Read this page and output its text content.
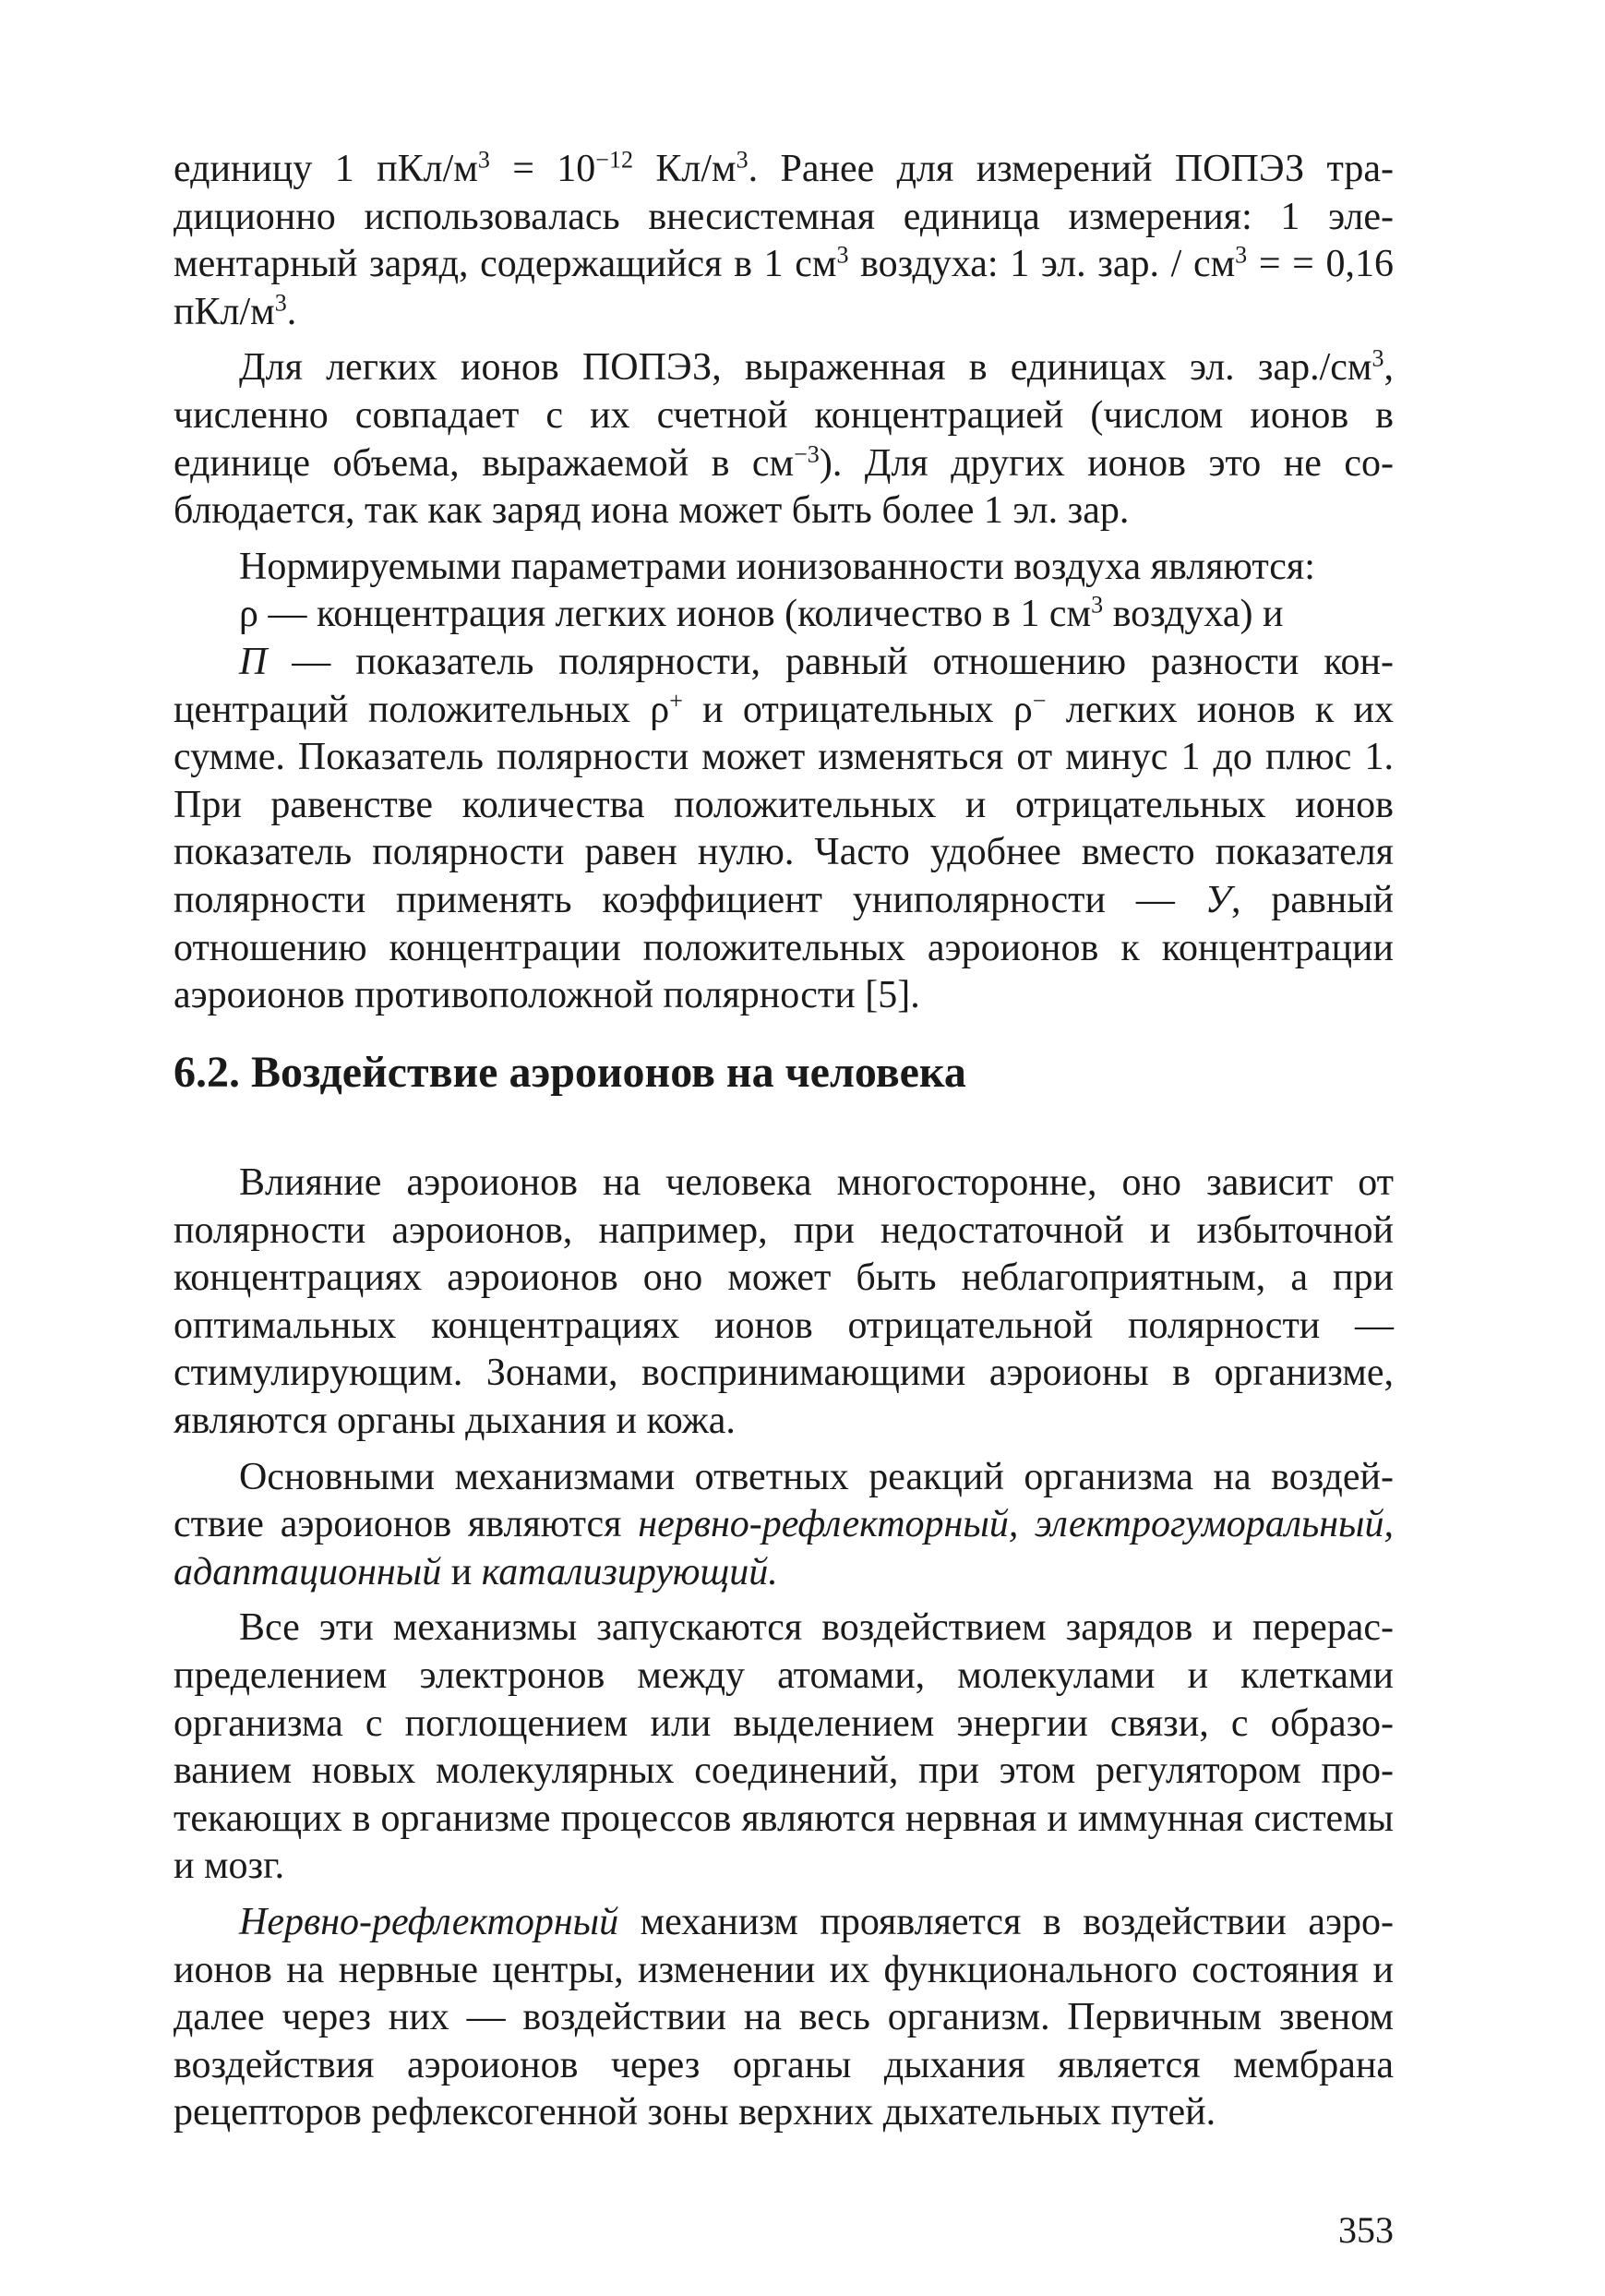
единицу 1 пКл/$м^3 = 10^{-12}$ $Кл/м^3$. Ранее для измерений ПОПЭЗ традиционно использовалась внесистемная единица измерения: 1 элементарный заряд, содержащийся в 1 $см^3$ воздуха: 1 эл. зар. / $см^3$ = = 0,16 пКл/$м^3$.

Для легких ионов ПОПЭЗ, выраженная в единицах эл. $зар./см^3$, численно совпадает с их счетной концентрацией (числом ионов в единице объема, выражаемой в $см^{-3}$). Для других ионов это не соблюдается, так как заряд иона может быть более 1 эл. зар.

Нормируемыми параметрами ионизованности воздуха являются:

ρ — концентрация легких ионов (количество в 1 $см^3$ воздуха) и

П — показатель полярности, равный отношению разности концентраций положительных ρ+ и отрицательных ρ− легких ионов к их сумме. Показатель полярности может изменяться от минус 1 до плюс 1. При равенстве количества положительных и отрицательных ионов показатель полярности равен нулю. Часто удобнее вместо показателя полярности применять коэффициент униполярности — У, равный отношению концентрации положительных аэроионов к концентрации аэроионов противоположной полярности [5].

6.2. Воздействие аэроионов на человека

Влияние аэроионов на человека многосторонне, оно зависит от полярности аэроионов, например, при недостаточной и избыточной концентрациях аэроионов оно может быть неблагоприятным, а при оптимальных концентрациях ионов отрицательной полярности — стимулирующим. Зонами, воспринимающими аэроионы в организме, являются органы дыхания и кожа.

Основными механизмами ответных реакций организма на воздействие аэроионов являются нервно-рефлекторный, электрогуморальный, адаптационный и катализирующий.

Все эти механизмы запускаются воздействием зарядов и перераспределением электронов между атомами, молекулами и клетками организма с поглощением или выделением энергии связи, с образованием новых молекулярных соединений, при этом регулятором протекающих в организме процессов являются нервная и иммунная системы и мозг.

Нервно-рефлекторный механизм проявляется в воздействии аэроионов на нервные центры, изменении их функционального состояния и далее через них — воздействии на весь организм. Первичным звеном воздействия аэроионов через органы дыхания является мембрана рецепторов рефлексогенной зоны верхних дыхательных путей.

353
